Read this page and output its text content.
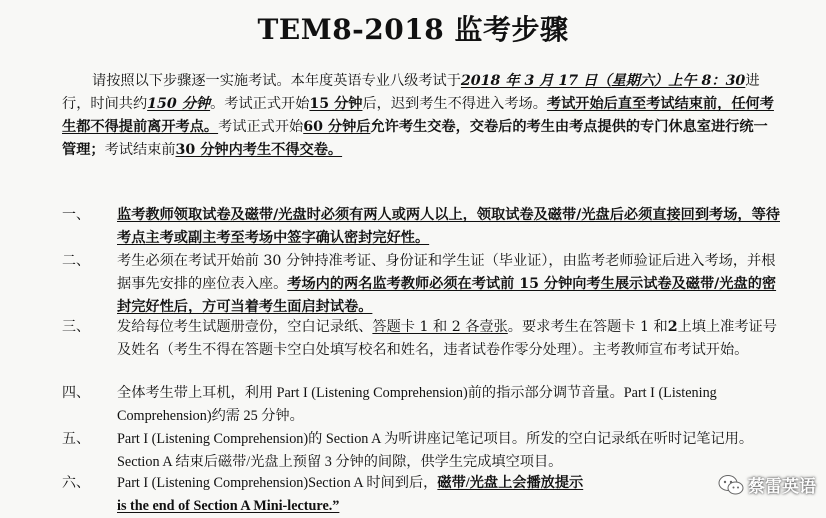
TEM8-2018 监考步骤
请按照以下步骤逐一实施考试。本年度英语专业八级考试于2018 年 3 月 17 日（星期六）上午 8：30进行，时间共约150 分钟。考试正式开始15 分钟后，迟到考生不得进入考场。考试开始后直至考试结束前，任何考生都不得提前离开考点。考试正式开始60 分钟后允许考生交卷，交卷后的考生由考点提供的专门休息室进行统一管理；考试结束前30 分钟内考生不得交卷。
一、 监考教师领取试卷及磁带/光盘时必须有两人或两人以上，领取试卷及磁带/光盘后必须直接回到考场，等待考点主考或副主考至考场中签字确认密封完好性。
二、 考生必须在考试开始前 30 分钟持准考证、身份证和学生证（毕业证），由监考老师验证后进入考场，并根据事先安排的座位表入座。考场内的两名监考教师必须在考试前 15 分钟向考生展示试卷及磁带/光盘的密封完好性后，方可当着考生面启封试卷。
三、 发给每位考生试题册壹份，空白记录纸、答题卡 1 和 2 各壹张。要求考生在答题卡 1 和2上填上准考证号及姓名（考生不得在答题卡空白处填写校名和姓名，违者试卷作零分处理）。主考教师宣布考试开始。
四、 全体考生带上耳机，利用 Part I (Listening Comprehension)前的指示部分调节音量。Part I (Listening Comprehension)约需 25 分钟。
五、 Part I (Listening Comprehension)的 Section A 为听讲座记笔记项目。所发的空白记录纸在听时记笔记用。Section A 结束后磁带/光盘上预留 3 分钟的间隙，供学生完成填空项目。
六、 Part I (Listening Comprehension)Section A 时间到后，磁带/光盘上会播放提示
is the end of Section A Mini-lecture.”
蔡雷英语
